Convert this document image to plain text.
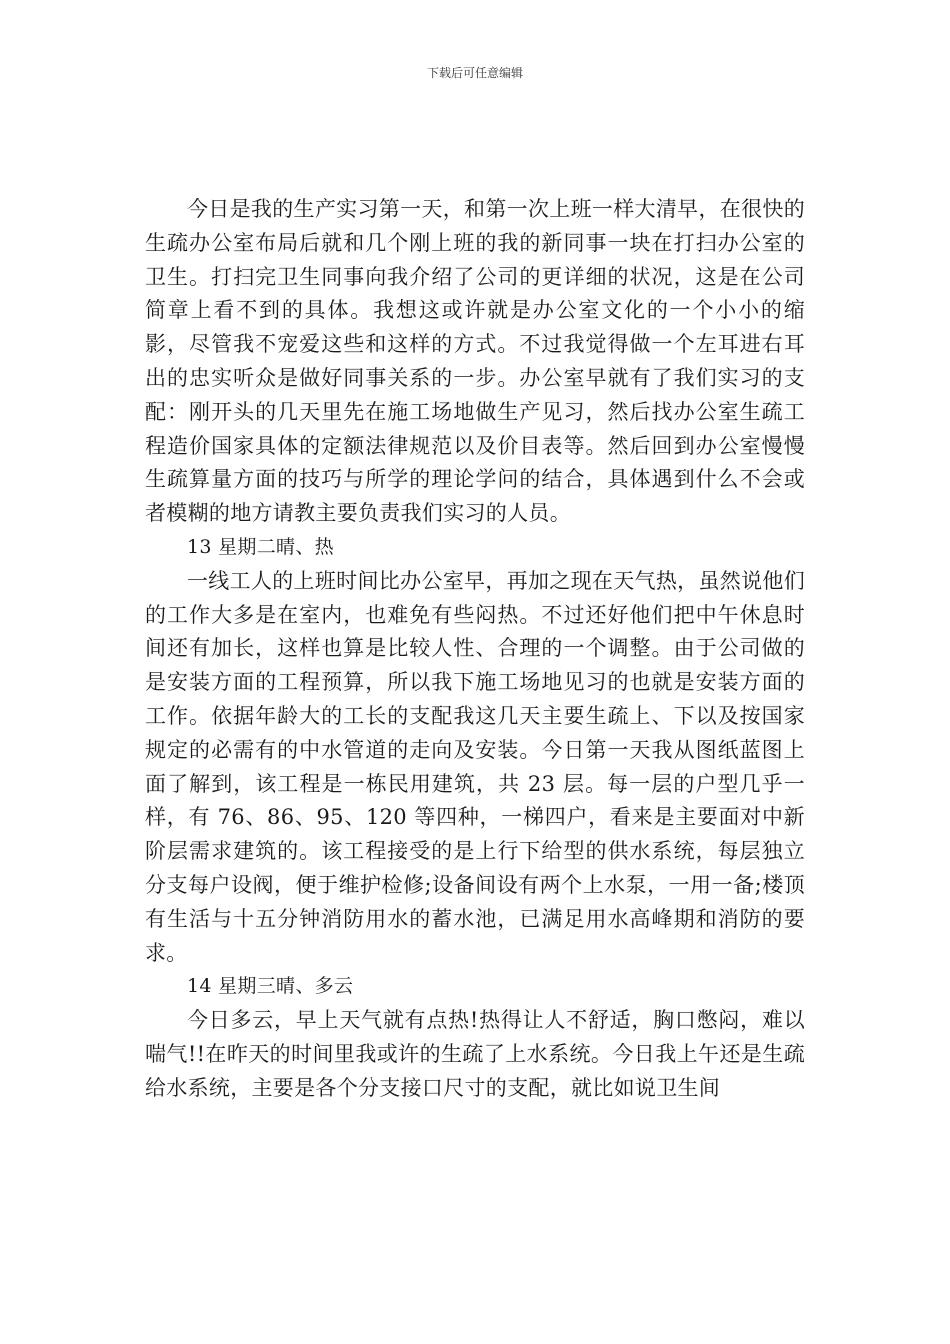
下载后可任意编辑

今日是我的生产实习第一天，和第一次上班一样大清早，在很快的生疏办公室布局后就和几个刚上班的我的新同事一块在打扫办公室的卫生。打扫完卫生同事向我介绍了公司的更详细的状况，这是在公司简章上看不到的具体。我想这或许就是办公室文化的一个小小的缩影，尽管我不宠爱这些和这样的方式。不过我觉得做一个左耳进右耳出的忠实听众是做好同事关系的一步。办公室早就有了我们实习的支配：刚开头的几天里先在施工场地做生产见习，然后找办公室生疏工程造价国家具体的定额法律规范以及价目表等。然后回到办公室慢慢生疏算量方面的技巧与所学的理论学问的结合，具体遇到什么不会或者模糊的地方请教主要负责我们实习的人员。

13 星期二晴、热

一线工人的上班时间比办公室早，再加之现在天气热，虽然说他们的工作大多是在室内，也难免有些闷热。不过还好他们把中午休息时间还有加长，这样也算是比较人性、合理的一个调整。由于公司做的是安装方面的工程预算，所以我下施工场地见习的也就是安装方面的工作。依据年龄大的工长的支配我这几天主要生疏上、下以及按国家规定的必需有的中水管道的走向及安装。今日第一天我从图纸蓝图上面了解到，该工程是一栋民用建筑，共 23 层。每一层的户型几乎一样，有 76、86、95、120 等四种，一梯四户，看来是主要面对中新阶层需求建筑的。该工程接受的是上行下给型的供水系统，每层独立分支每户设阀，便于维护检修;设备间设有两个上水泵，一用一备;楼顶有生活与十五分钟消防用水的蓄水池，已满足用水高峰期和消防的要求。

14 星期三晴、多云

今日多云，早上天气就有点热!热得让人不舒适，胸口憋闷，难以喘气!!在昨天的时间里我或许的生疏了上水系统。今日我上午还是生疏给水系统，主要是各个分支接口尺寸的支配，就比如说卫生间
